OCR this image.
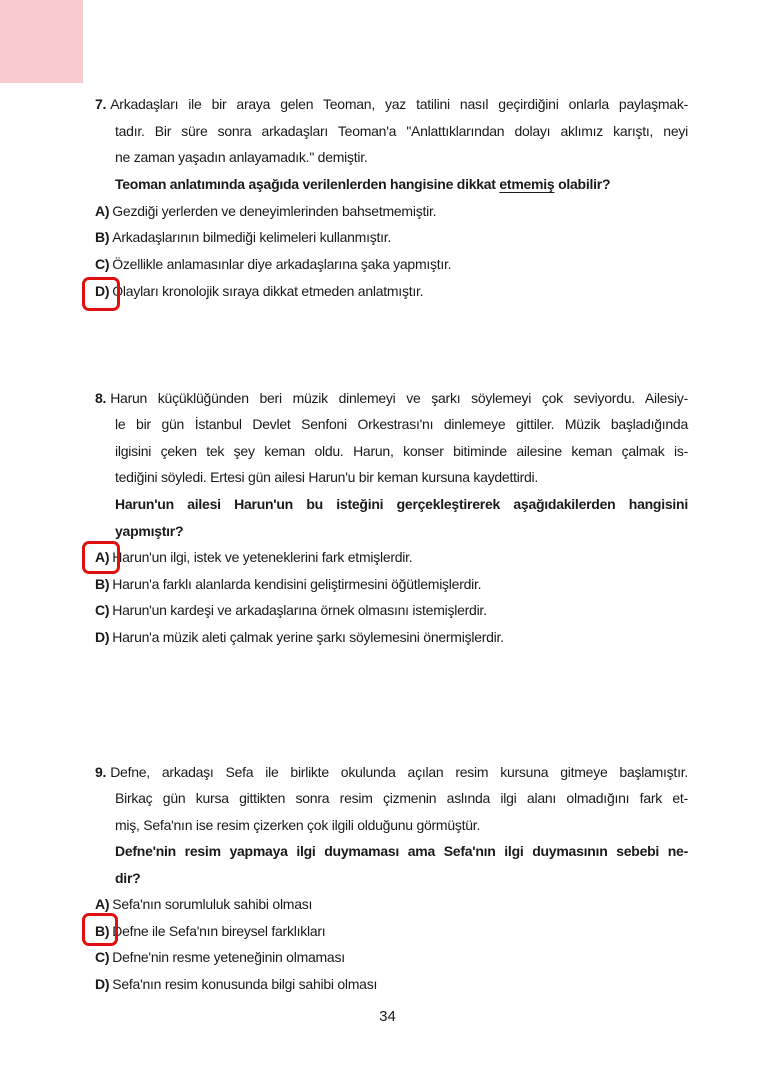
7. Arkadaşları ile bir araya gelen Teoman, yaz tatilini nasıl geçirdiğini onlarla paylaşmak-
tadır. Bir süre sonra arkadaşları Teoman'a "Anlattıklarından dolayı aklımız karıştı, neyi
ne zaman yaşadın anlayamadık." demiştir.
Teoman anlatımında aşağıda verilenlerden hangisine dikkat etmemiş olabilir?
A) Gezdiği yerlerden ve deneyimlerinden bahsetmemiştir.
B) Arkadaşlarının bilmediği kelimeleri kullanmıştır.
C) Özellikle anlamasınlar diye arkadaşlarına şaka yapmıştır.
D) Olayları kronolojik sıraya dikkat etmeden anlatmıştır.
8. Harun küçüklüğünden beri müzik dinlemeyi ve şarkı söylemeyi çok seviyordu. Ailesiy-
le bir gün İstanbul Devlet Senfoni Orkestrası'nı dinlemeye gittiler. Müzik başladığında
ilgisini çeken tek şey keman oldu. Harun, konser bitiminde ailesine keman çalmak is-
tediğini söyledi. Ertesi gün ailesi Harun'u bir keman kursuna kaydettirdi.
Harun'un ailesi Harun'un bu isteğini gerçekleştirerek aşağıdakilerden hangisini
yapmıştır?
A) Harun'un ilgi, istek ve yeteneklerini fark etmişlerdir.
B) Harun'a farklı alanlarda kendisini geliştirmesini öğütlemişlerdir.
C) Harun'un kardeşi ve arkadaşlarına örnek olmasını istemişlerdir.
D) Harun'a müzik aleti çalmak yerine şarkı söylemesini önermişlerdir.
9. Defne, arkadaşı Sefa ile birlikte okulunda açılan resim kursuna gitmeye başlamıştır.
Birkaç gün kursa gittikten sonra resim çizmenin aslında ilgi alanı olmadığını fark et-
miş, Sefa'nın ise resim çizerken çok ilgili olduğunu görmüştür.
Defne'nin resim yapmaya ilgi duymaması ama Sefa'nın ilgi duymasının sebebi ne-
dir?
A) Sefa'nın sorumluluk sahibi olması
B) Defne ile Sefa'nın bireysel farklıkları
C) Defne'nin resme yeteneğinin olmaması
D) Sefa'nın resim konusunda bilgi sahibi olması
34
